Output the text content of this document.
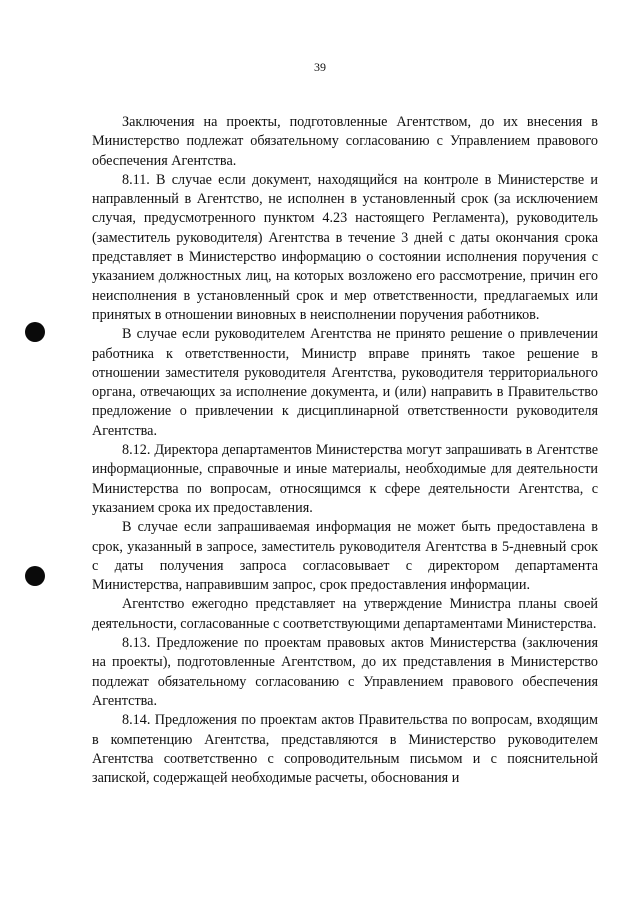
39

Заключения на проекты, подготовленные Агентством, до их внесения в Министерство подлежат обязательному согласованию с Управлением правового обеспечения Агентства.

8.11. В случае если документ, находящийся на контроле в Министерстве и направленный в Агентство, не исполнен в установленный срок (за исключением случая, предусмотренного пунктом 4.23 настоящего Регламента), руководитель (заместитель руководителя) Агентства в течение 3 дней с даты окончания срока представляет в Министерство информацию о состоянии исполнения поручения с указанием должностных лиц, на которых возложено его рассмотрение, причин его неисполнения в установленный срок и мер ответственности, предлагаемых или принятых в отношении виновных в неисполнении поручения работников.

В случае если руководителем Агентства не принято решение о привлечении работника к ответственности, Министр вправе принять такое решение в отношении заместителя руководителя Агентства, руководителя территориального органа, отвечающих за исполнение документа, и (или) направить в Правительство предложение о привлечении к дисциплинарной ответственности руководителя Агентства.

8.12. Директора департаментов Министерства могут запрашивать в Агентстве информационные, справочные и иные материалы, необходимые для деятельности Министерства по вопросам, относящимся к сфере деятельности Агентства, с указанием срока их предоставления.

В случае если запрашиваемая информация не может быть предоставлена в срок, указанный в запросе, заместитель руководителя Агентства в 5-дневный срок с даты получения запроса согласовывает с директором департамента Министерства, направившим запрос, срок предоставления информации.

Агентство ежегодно представляет на утверждение Министра планы своей деятельности, согласованные с соответствующими департаментами Министерства.

8.13. Предложение по проектам правовых актов Министерства (заключения на проекты), подготовленные Агентством, до их представления в Министерство подлежат обязательному согласованию с Управлением правового обеспечения Агентства.

8.14. Предложения по проектам актов Правительства по вопросам, входящим в компетенцию Агентства, представляются в Министерство руководителем Агентства соответственно с сопроводительным письмом и с пояснительной запиской, содержащей необходимые расчеты, обоснования и
